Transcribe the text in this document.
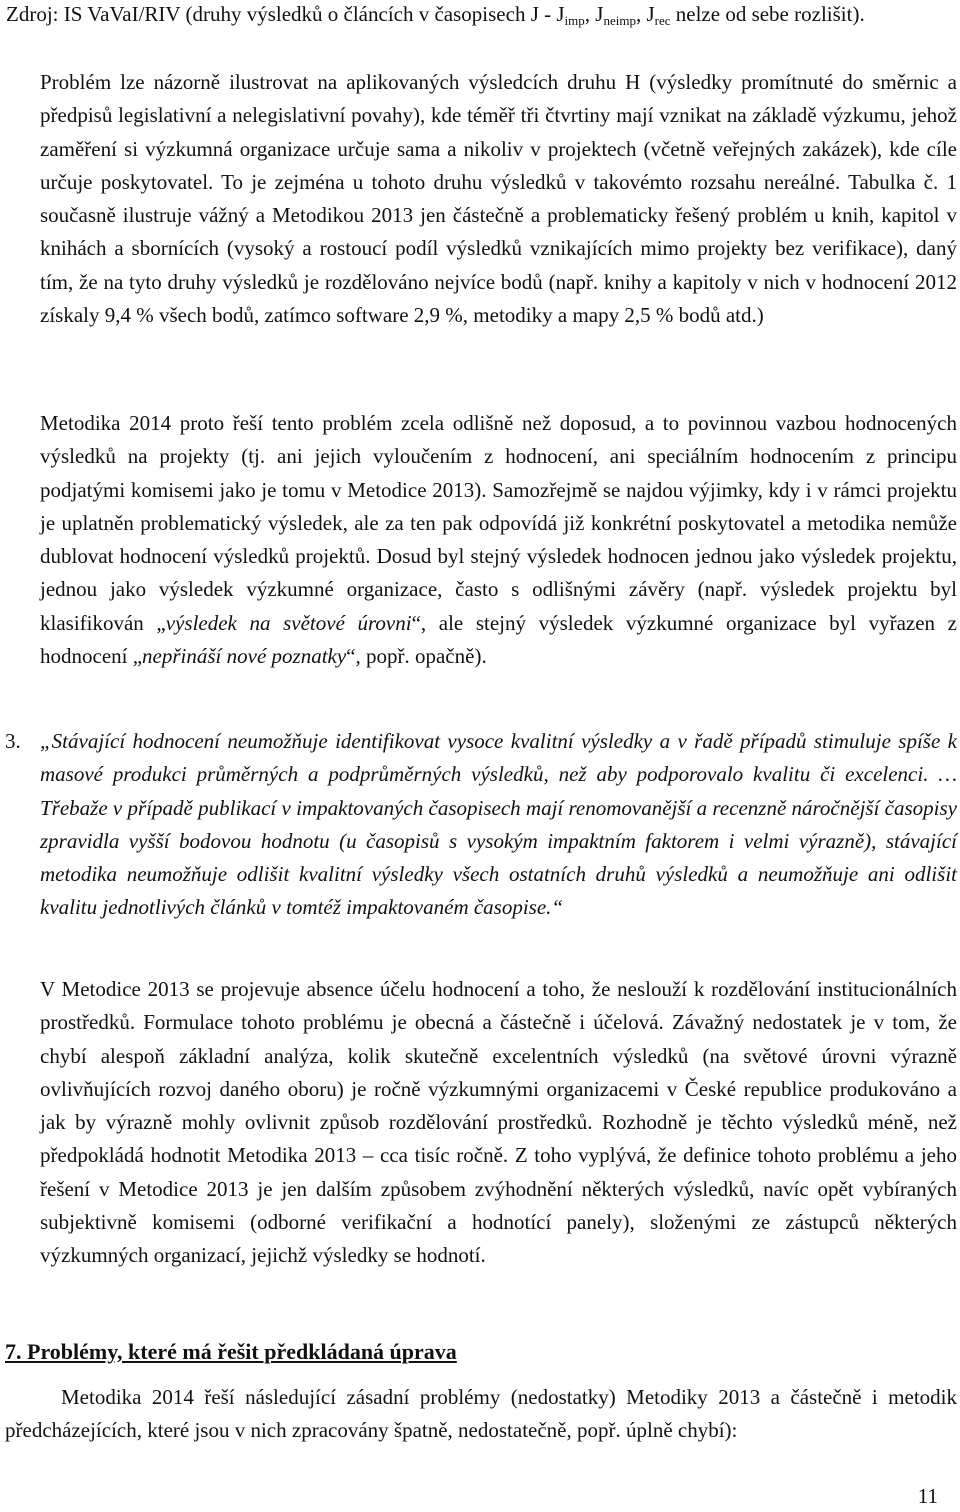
Zdroj: IS VaVaI/RIV (druhy výsledků o článcích v časopisech J - $J_{imp}$, $J_{neimp}$, $J_{rec}$ nelze od sebe rozlišit).

Problém lze názorně ilustrovat na aplikovaných výsledcích druhu H (výsledky promítnuté do směrnic a předpisů legislativní a nelegislativní povahy), kde téměř tři čtvrtiny mají vznikat na základě výzkumu, jehož zaměření si výzkumná organizace určuje sama a nikoliv v projektech (včetně veřejných zakázek), kde cíle určuje poskytovatel. To je zejména u tohoto druhu výsledků v takovémto rozsahu nereálné. Tabulka č. 1 současně ilustruje vážný a Metodikou 2013 jen částečně a problematicky řešený problém u knih, kapitol v knihách a sbornících (vysoký a rostoucí podíl výsledků vznikajících mimo projekty bez verifikace), daný tím, že na tyto druhy výsledků je rozdělováno nejvíce bodů (např. knihy a kapitoly v nich v hodnocení 2012 získaly 9,4 % všech bodů, zatímco software 2,9 %, metodiky a mapy 2,5 % bodů atd.)

Metodika 2014 proto řeší tento problém zcela odlišně než doposud, a to povinnou vazbou hodnocených výsledků na projekty (tj. ani jejich vyloučením z hodnocení, ani speciálním hodnocením z principu podjatými komisemi jako je tomu v Metodice 2013). Samozřejmě se najdou výjimky, kdy i v rámci projektu je uplatněn problematický výsledek, ale za ten pak odpovídá již konkrétní poskytovatel a metodika nemůže dublovat hodnocení výsledků projektů. Dosud byl stejný výsledek hodnocen jednou jako výsledek projektu, jednou jako výsledek výzkumné organizace, často s odlišnými závěry (např. výsledek projektu byl klasifikován „výsledek na světové úrovni“, ale stejný výsledek výzkumné organizace byl vyřazen z hodnocení „nepřináší nové poznatky“, popř. opačně).

3. „Stávající hodnocení neumožňuje identifikovat vysoce kvalitní výsledky a v řadě případů stimuluje spíše k masové produkci průměrných a podprůměrných výsledků, než aby podporovalo kvalitu či excelenci. … Třebaže v případě publikací v impaktovaných časopisech mají renomovanější a recenzně náročnější časopisy zpravidla vyšší bodovou hodnotu (u časopisů s vysokým impaktním faktorem i velmi výrazně), stávající metodika neumožňuje odlišit kvalitní výsledky všech ostatních druhů výsledků a neumožňuje ani odlišit kvalitu jednotlivých článků v tomtéž impaktovaném časopise.“

V Metodice 2013 se projevuje absence účelu hodnocení a toho, že neslouží k rozdělování institucionálních prostředků. Formulace tohoto problému je obecná a částečně i účelová. Závažný nedostatek je v tom, že chybí alespoň základní analýza, kolik skutečně excelentních výsledků (na světové úrovni výrazně ovlivňujících rozvoj daného oboru) je ročně výzkumnými organizacemi v České republice produkováno a jak by výrazně mohly ovlivnit způsob rozdělování prostředků. Rozhodně je těchto výsledků méně, než předpokládá hodnotit Metodika 2013 – cca tisíc ročně. Z toho vyplývá, že definice tohoto problému a jeho řešení v Metodice 2013 je jen dalším způsobem zvýhodnění některých výsledků, navíc opět vybíraných subjektivně komisemi (odborné verifikační a hodnotící panely), složenými ze zástupců některých výzkumných organizací, jejichž výsledky se hodnotí.

7. Problémy, které má řešit předkládaná úprava

Metodika 2014 řeší následující zásadní problémy (nedostatky) Metodiky 2013 a částečně i metodik předcházejících, které jsou v nich zpracovány špatně, nedostatečně, popř. úplně chybí):

11
